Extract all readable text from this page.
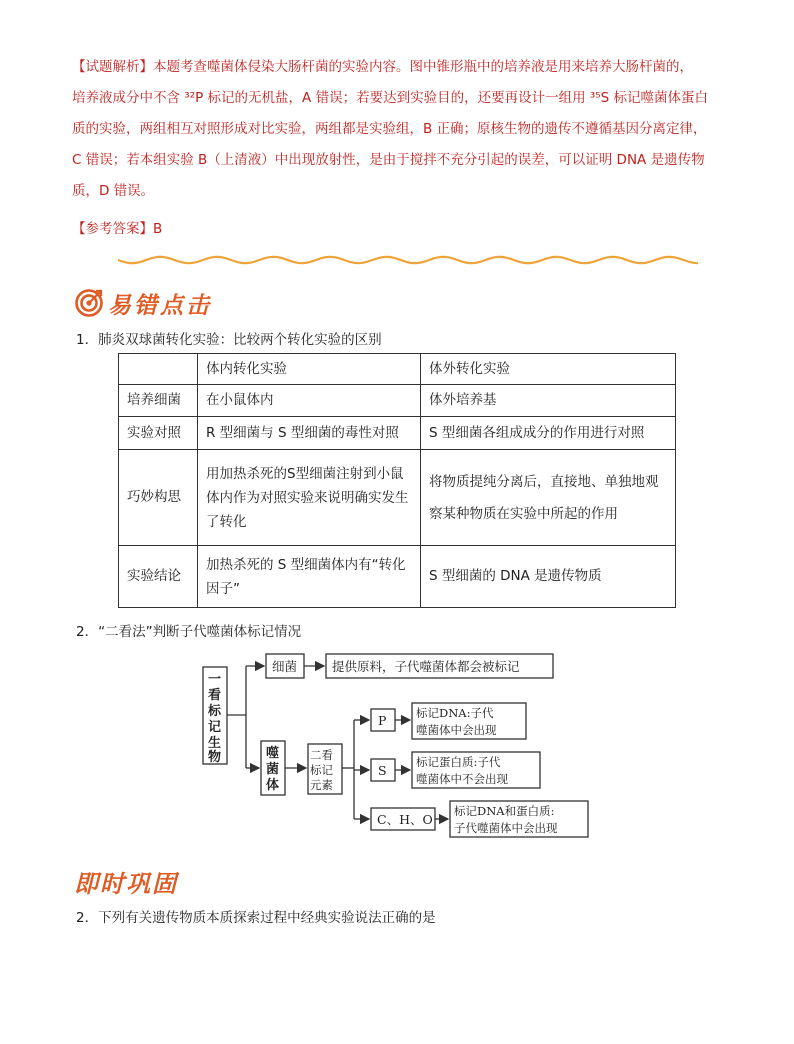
【试题解析】本题考查噬菌体侵染大肠杆菌的实验内容。图中锥形瓶中的培养液是用来培养大肠杆菌的，

培养液成分中不含 ³²P 标记的无机盐，A 错误；若要达到实验目的，还要再设计一组用 ³⁵S 标记噬菌体蛋白

质的实验，两组相互对照形成对比实验，两组都是实验组，B 正确；原核生物的遗传不遵循基因分离定律，

C 错误；若本组实验 B（上清液）中出现放射性，是由于搅拌不充分引起的误差，可以证明 DNA 是遗传物

质，D 错误。

【参考答案】B
易错点击
1．肺炎双球菌转化实验：比较两个转化实验的区别
	体内转化实验	体外转化实验
培养细菌	在小鼠体内	体外培养基
实验对照	R 型细菌与 S 型细菌的毒性对照	S 型细菌各组成成分的作用进行对照
巧妙构思	用加热杀死的S型细菌注射到小鼠体内作为对照实验来说明确实发生了转化	将物质提纯分离后，直接地、单独地观察某种物质在实验中所起的作用
实验结论	加热杀死的 S 型细菌体内有“转化因子”	S 型细菌的 DNA 是遗传物质
2．“二看法”判断子代噬菌体标记情况
一
看
标
记
生
物	噬
菌
体
细菌	提供原料，子代噬菌体都会被标记
二看
标记
元素
P
S
C、H、O
标记DNA:子代
噬菌体中会出现
标记蛋白质:子代
噬菌体中不会出现
标记DNA和蛋白质:
子代噬菌体中会出现
即时巩固
2．下列有关遗传物质本质探索过程中经典实验说法正确的是
